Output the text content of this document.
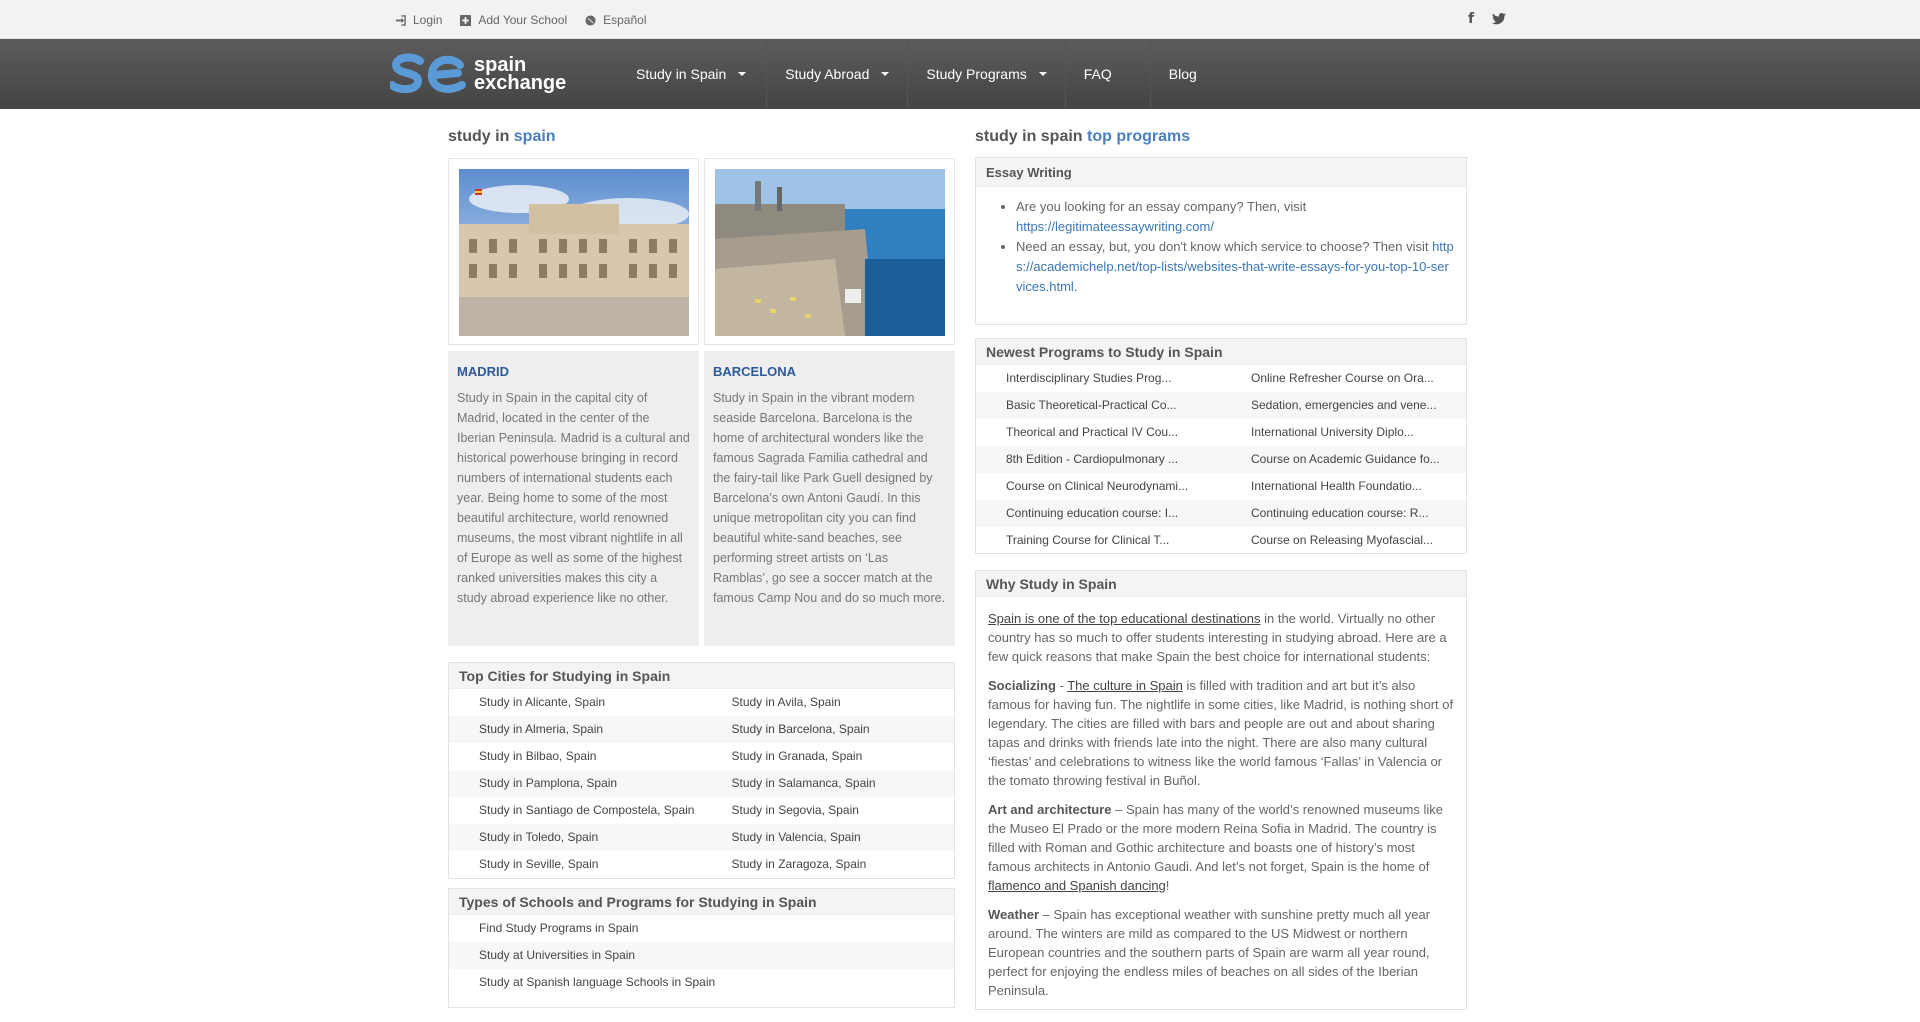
Login	Add Your School	Español	f
spain
exchange	Study in Spain	Study Abroad	Study Programs	FAQ	Blog
study in spain
MADRID

Study in Spain in the capital city of Madrid, located in the center of the Iberian Peninsula. Madrid is a cultural and historical powerhouse bringing in record numbers of international students each year. Being home to some of the most beautiful architecture, world renowned museums, the most vibrant nightlife in all of Europe as well as some of the highest ranked universities makes this city a study abroad experience like no other.

BARCELONA

Study in Spain in the vibrant modern seaside Barcelona. Barcelona is the home of architectural wonders like the famous Sagrada Familia cathedral and the fairy-tail like Park Guell designed by Barcelona’s own Antoni Gaudí. In this unique metropolitan city you can find beautiful white-sand beaches, see performing street artists on ‘Las Ramblas’, go see a soccer match at the famous Camp Nou and do so much more.

Top Cities for Studying in Spain
Study in Alicante, Spain	Study in Avila, Spain
Study in Almeria, Spain	Study in Barcelona, Spain
Study in Bilbao, Spain	Study in Granada, Spain
Study in Pamplona, Spain	Study in Salamanca, Spain
Study in Santiago de Compostela, Spain	Study in Segovia, Spain
Study in Toledo, Spain	Study in Valencia, Spain
Study in Seville, Spain	Study in Zaragoza, Spain
Types of Schools and Programs for Studying in Spain
Find Study Programs in Spain
Study at Universities in Spain
Study at Spanish language Schools in Spain
study in spain top programs
Essay Writing
• Are you looking for an essay company? Then, visit https://legitimateessaywriting.com/
• Need an essay, but, you don't know which service to choose? Then visit https://academichelp.net/top-lists/websites-that-write-essays-for-you-top-10-services.html.
Newest Programs to Study in Spain
Interdisciplinary Studies Prog...	Online Refresher Course on Ora...
Basic Theoretical-Practical Co...	Sedation, emergencies and vene...
Theorical and Practical IV Cou...	International University Diplo...
8th Edition - Cardiopulmonary ...	Course on Academic Guidance fo...
Course on Clinical Neurodynami...	International Health Foundatio...
Continuing education course: I...	Continuing education course: R...
Training Course for Clinical T...	Course on Releasing Myofascial...
Why Study in Spain

Spain is one of the top educational destinations in the world. Virtually no other country has so much to offer students interesting in studying abroad. Here are a few quick reasons that make Spain the best choice for international students:

Socializing - The culture in Spain is filled with tradition and art but it’s also famous for having fun. The nightlife in some cities, like Madrid, is nothing short of legendary. The cities are filled with bars and people are out and about sharing tapas and drinks with friends late into the night. There are also many cultural ‘fiestas’ and celebrations to witness like the world famous ‘Fallas’ in Valencia or the tomato throwing festival in Buñol.

Art and architecture – Spain has many of the world’s renowned museums like the Museo El Prado or the more modern Reina Sofia in Madrid. The country is filled with Roman and Gothic architecture and boasts one of history’s most famous architects in Antonio Gaudi. And let’s not forget, Spain is the home of flamenco and Spanish dancing!

Weather – Spain has exceptional weather with sunshine pretty much all year around. The winters are mild as compared to the US Midwest or northern European countries and the southern parts of Spain are warm all year round, perfect for enjoying the endless miles of beaches on all sides of the Iberian Peninsula.
